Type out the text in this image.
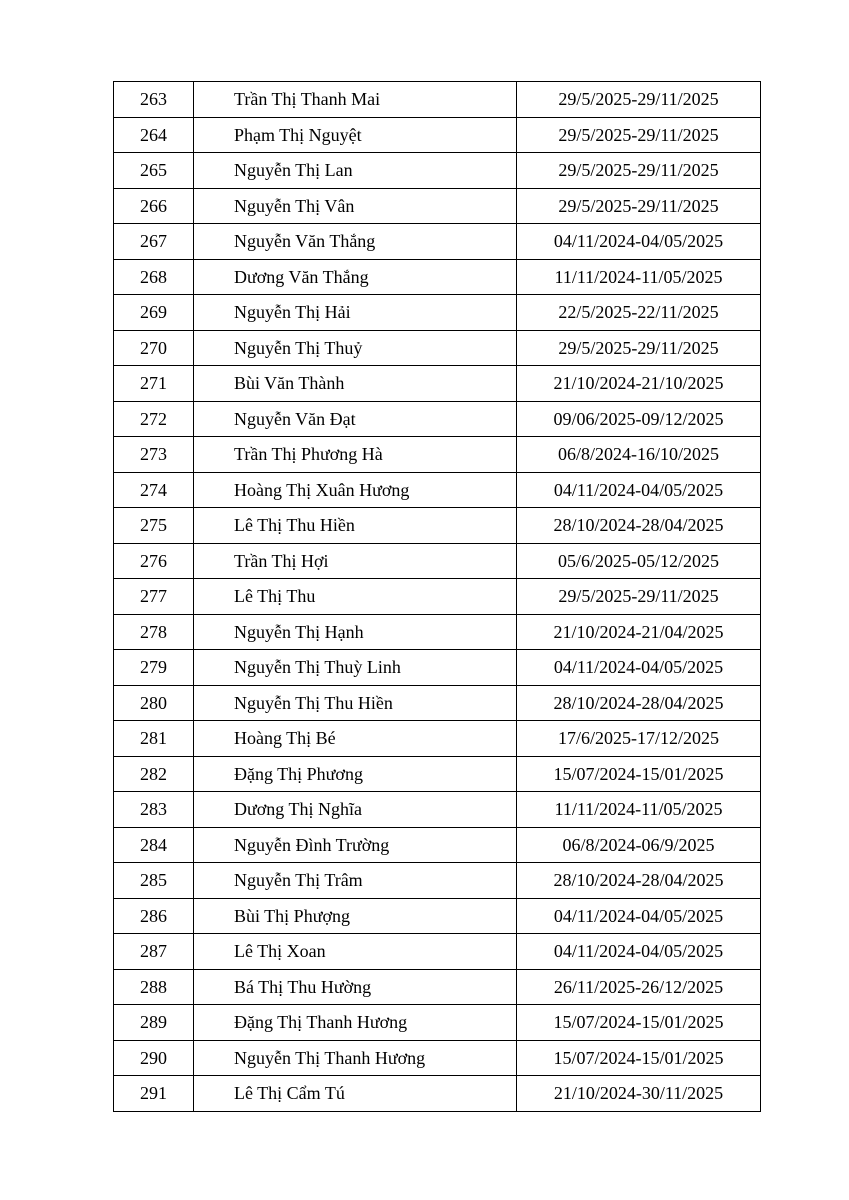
263	Trần Thị Thanh Mai	29/5/2025-29/11/2025
264	Phạm Thị Nguyệt	29/5/2025-29/11/2025
265	Nguyễn Thị Lan	29/5/2025-29/11/2025
266	Nguyễn Thị Vân	29/5/2025-29/11/2025
267	Nguyễn Văn Thắng	04/11/2024-04/05/2025
268	Dương Văn Thắng	11/11/2024-11/05/2025
269	Nguyễn Thị Hải	22/5/2025-22/11/2025
270	Nguyễn Thị Thuỷ	29/5/2025-29/11/2025
271	Bùi Văn Thành	21/10/2024-21/10/2025
272	Nguyễn Văn Đạt	09/06/2025-09/12/2025
273	Trần Thị Phương Hà	06/8/2024-16/10/2025
274	Hoàng Thị Xuân Hương	04/11/2024-04/05/2025
275	Lê Thị Thu Hiền	28/10/2024-28/04/2025
276	Trần Thị Hợi	05/6/2025-05/12/2025
277	Lê Thị Thu	29/5/2025-29/11/2025
278	Nguyễn Thị Hạnh	21/10/2024-21/04/2025
279	Nguyễn Thị Thuỳ Linh	04/11/2024-04/05/2025
280	Nguyễn Thị Thu Hiền	28/10/2024-28/04/2025
281	Hoàng Thị Bé	17/6/2025-17/12/2025
282	Đặng Thị Phương	15/07/2024-15/01/2025
283	Dương Thị Nghĩa	11/11/2024-11/05/2025
284	Nguyễn Đình Trường	06/8/2024-06/9/2025
285	Nguyễn Thị Trâm	28/10/2024-28/04/2025
286	Bùi Thị Phượng	04/11/2024-04/05/2025
287	Lê Thị Xoan	04/11/2024-04/05/2025
288	Bá Thị Thu Hường	26/11/2025-26/12/2025
289	Đặng Thị Thanh Hương	15/07/2024-15/01/2025
290	Nguyễn Thị Thanh Hương	15/07/2024-15/01/2025
291	Lê Thị Cẩm Tú	21/10/2024-30/11/2025
